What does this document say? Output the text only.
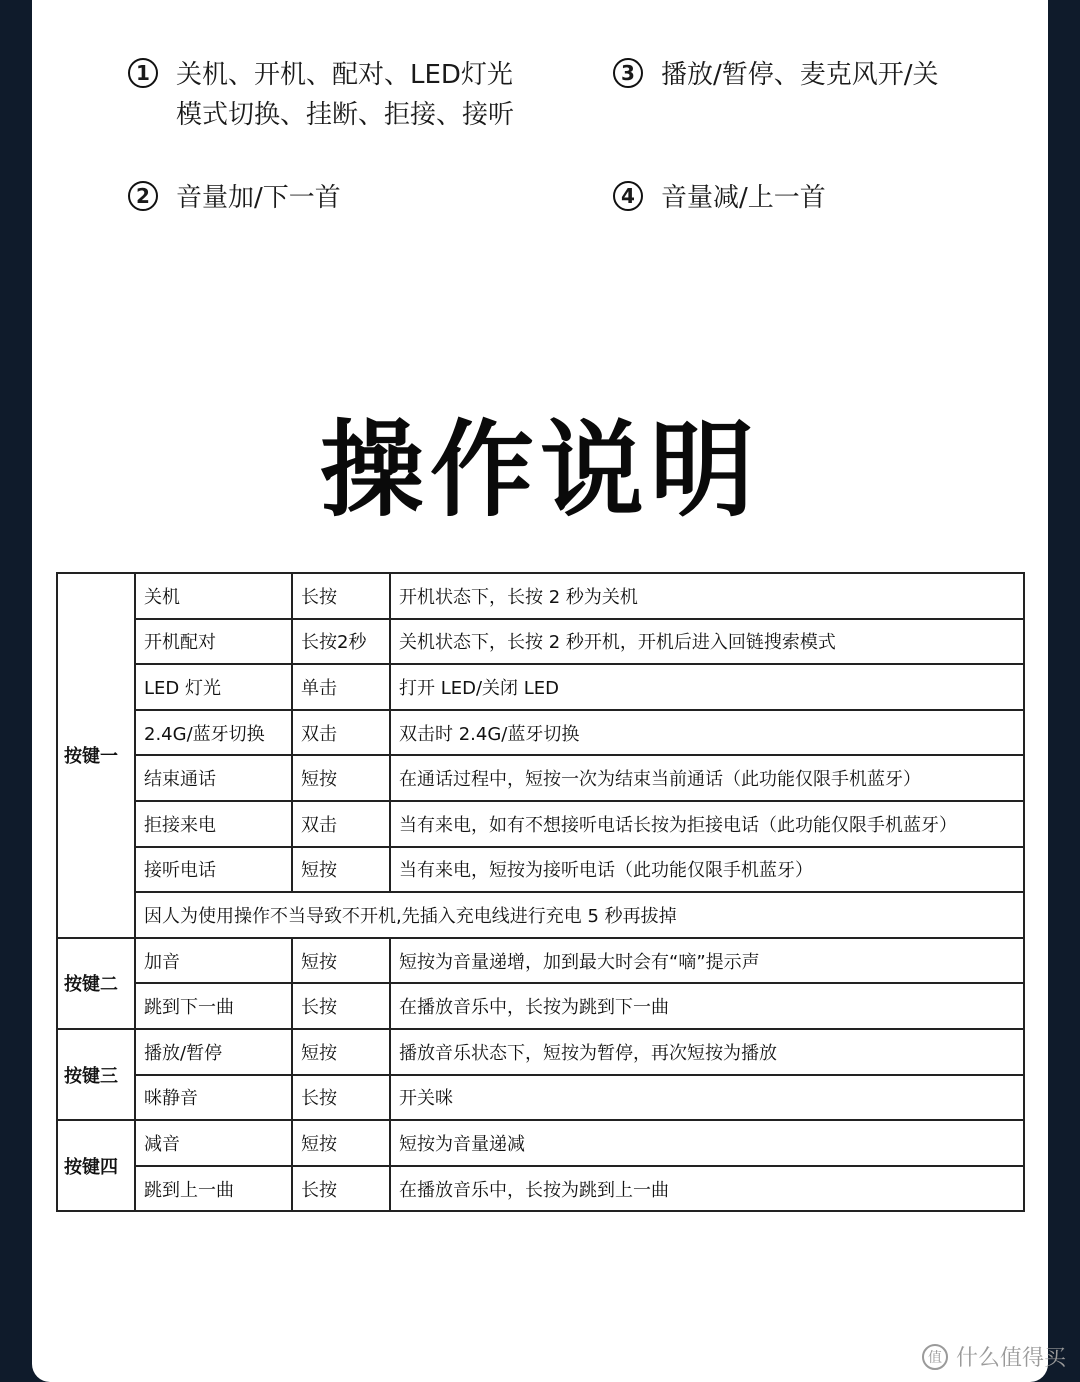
1	关机、开机、配对、LED灯光
模式切换、挂断、拒接、接听
3	播放/暂停、麦克风开/关
2	音量加/下一首	4	音量减/上一首
操作说明
按键一	关机	长按	开机状态下，长按 2 秒为关机
	开机配对	长按2秒	关机状态下，长按 2 秒开机，开机后进入回链搜索模式
	LED 灯光	单击	打开 LED/关闭 LED
	2.4G/蓝牙切换	双击	双击时 2.4G/蓝牙切换
	结束通话	短按	在通话过程中，短按一次为结束当前通话（此功能仅限手机蓝牙）
	拒接来电	双击	当有来电，如有不想接听电话长按为拒接电话（此功能仅限手机蓝牙）
	接听电话	短按	当有来电，短按为接听电话（此功能仅限手机蓝牙）
	因人为使用操作不当导致不开机,先插入充电线进行充电 5 秒再拔掉		
按键二	加音	短按	短按为音量递增，加到最大时会有“嘀”提示声
	跳到下一曲	长按	在播放音乐中，长按为跳到下一曲
按键三	播放/暂停	短按	播放音乐状态下，短按为暂停，再次短按为播放
	咪静音	长按	开关咪
按键四	减音	短按	短按为音量递减
	跳到上一曲	长按	在播放音乐中，长按为跳到上一曲
值 什么值得买
